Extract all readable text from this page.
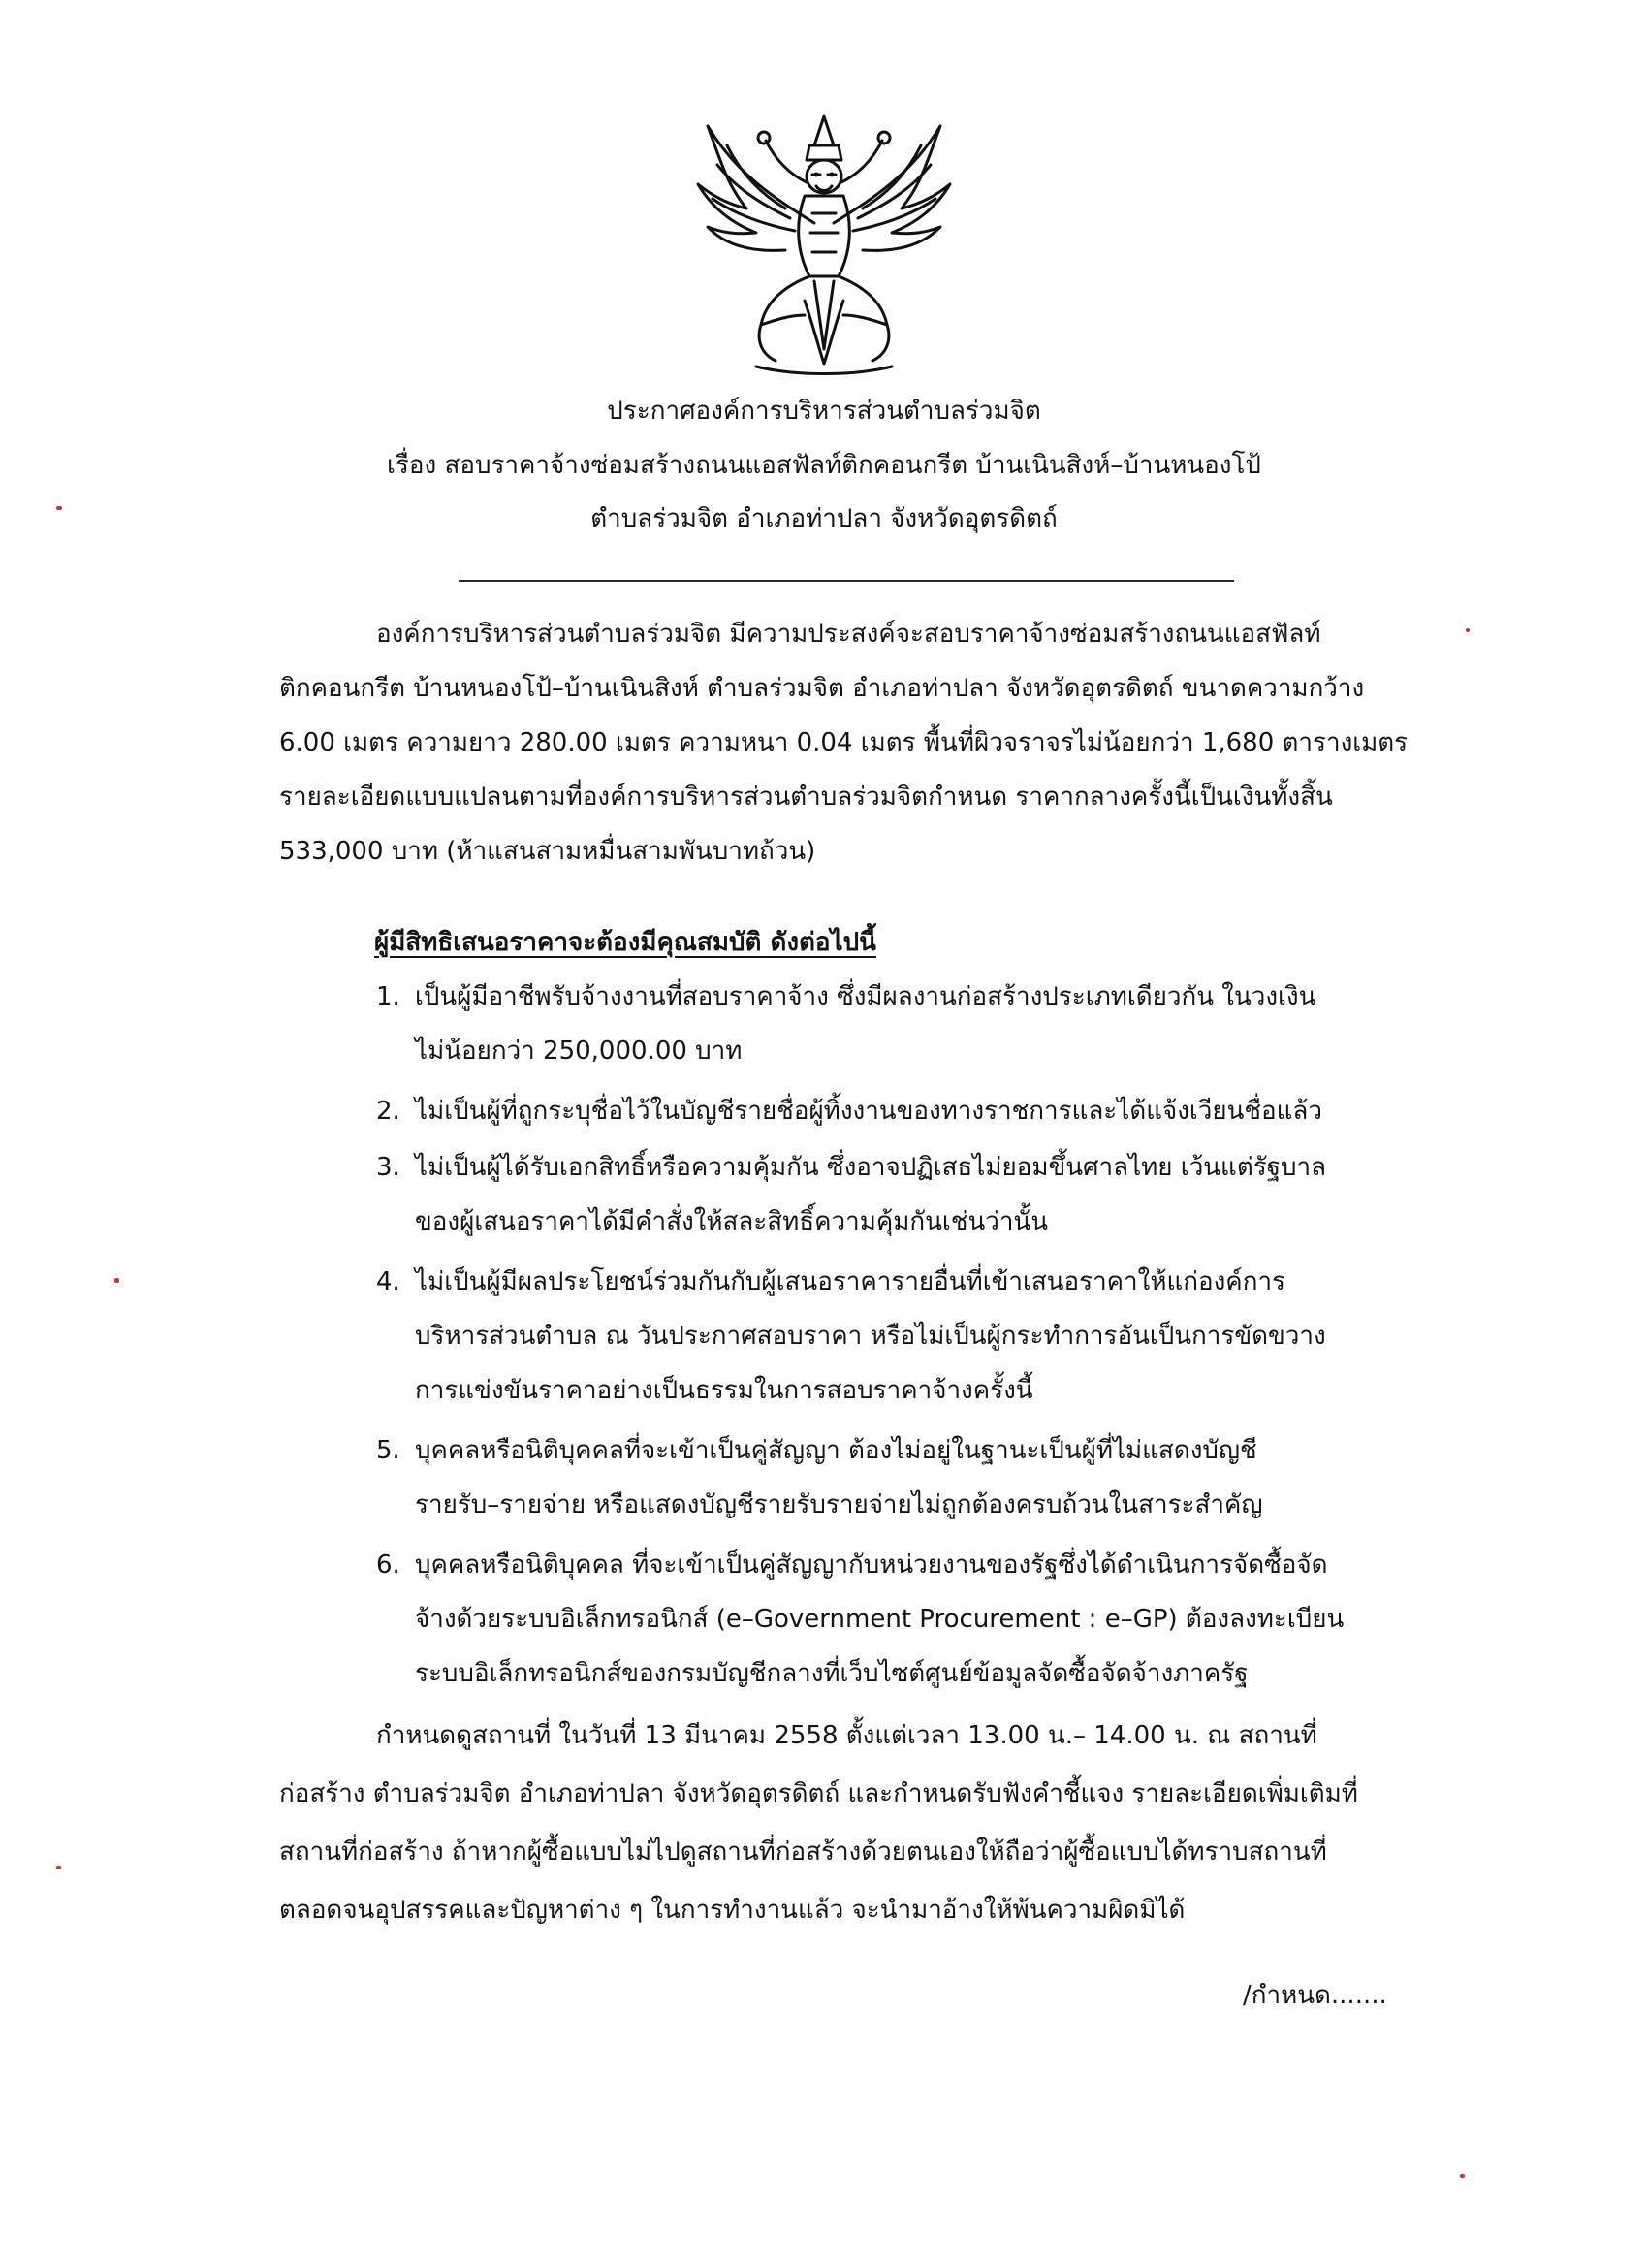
ประกาศองค์การบริหารส่วนตำบลร่วมจิต
เรื่อง สอบราคาจ้างซ่อมสร้างถนนแอสฟัลท์ติกคอนกรีต บ้านเนินสิงห์–บ้านหนองโป้
ตำบลร่วมจิต อำเภอท่าปลา จังหวัดอุตรดิตถ์
องค์การบริหารส่วนตำบลร่วมจิต มีความประสงค์จะสอบราคาจ้างซ่อมสร้างถนนแอสฟัลท์
ติกคอนกรีต บ้านหนองโป้–บ้านเนินสิงห์ ตำบลร่วมจิต อำเภอท่าปลา จังหวัดอุตรดิตถ์ ขนาดความกว้าง
6.00 เมตร ความยาว 280.00 เมตร ความหนา 0.04 เมตร พื้นที่ผิวจราจรไม่น้อยกว่า 1,680 ตารางเมตร
รายละเอียดแบบแปลนตามที่องค์การบริหารส่วนตำบลร่วมจิตกำหนด ราคากลางครั้งนี้เป็นเงินทั้งสิ้น
533,000 บาท (ห้าแสนสามหมื่นสามพันบาทถ้วน)
ผู้มีสิทธิเสนอราคาจะต้องมีคุณสมบัติ ดังต่อไปนี้
1. เป็นผู้มีอาชีพรับจ้างงานที่สอบราคาจ้าง ซึ่งมีผลงานก่อสร้างประเภทเดียวกัน ในวงเงิน
ไม่น้อยกว่า 250,000.00 บาท
2. ไม่เป็นผู้ที่ถูกระบุชื่อไว้ในบัญชีรายชื่อผู้ทิ้งงานของทางราชการและได้แจ้งเวียนชื่อแล้ว
3. ไม่เป็นผู้ได้รับเอกสิทธิ์หรือความคุ้มกัน ซึ่งอาจปฏิเสธไม่ยอมขึ้นศาลไทย เว้นแต่รัฐบาล
ของผู้เสนอราคาได้มีคำสั่งให้สละสิทธิ์ความคุ้มกันเช่นว่านั้น
4. ไม่เป็นผู้มีผลประโยชน์ร่วมกันกับผู้เสนอราคารายอื่นที่เข้าเสนอราคาให้แก่องค์การ
บริหารส่วนตำบล ณ วันประกาศสอบราคา หรือไม่เป็นผู้กระทำการอันเป็นการขัดขวาง
การแข่งขันราคาอย่างเป็นธรรมในการสอบราคาจ้างครั้งนี้
5. บุคคลหรือนิติบุคคลที่จะเข้าเป็นคู่สัญญา ต้องไม่อยู่ในฐานะเป็นผู้ที่ไม่แสดงบัญชี
รายรับ–รายจ่าย หรือแสดงบัญชีรายรับรายจ่ายไม่ถูกต้องครบถ้วนในสาระสำคัญ
6. บุคคลหรือนิติบุคคล ที่จะเข้าเป็นคู่สัญญากับหน่วยงานของรัฐซึ่งได้ดำเนินการจัดซื้อจัด
จ้างด้วยระบบอิเล็กทรอนิกส์ (e–Government Procurement : e–GP) ต้องลงทะเบียน
ระบบอิเล็กทรอนิกส์ของกรมบัญชีกลางที่เว็บไซต์ศูนย์ข้อมูลจัดซื้อจัดจ้างภาครัฐ
กำหนดดูสถานที่ ในวันที่ 13 มีนาคม 2558 ตั้งแต่เวลา 13.00 น.– 14.00 น. ณ สถานที่
ก่อสร้าง ตำบลร่วมจิต อำเภอท่าปลา จังหวัดอุตรดิตถ์ และกำหนดรับฟังคำชี้แจง รายละเอียดเพิ่มเติมที่
สถานที่ก่อสร้าง ถ้าหากผู้ซื้อแบบไม่ไปดูสถานที่ก่อสร้างด้วยตนเองให้ถือว่าผู้ซื้อแบบได้ทราบสถานที่
ตลอดจนอุปสรรคและปัญหาต่าง ๆ ในการทำงานแล้ว จะนำมาอ้างให้พ้นความผิดมิได้
/กำหนด.......
